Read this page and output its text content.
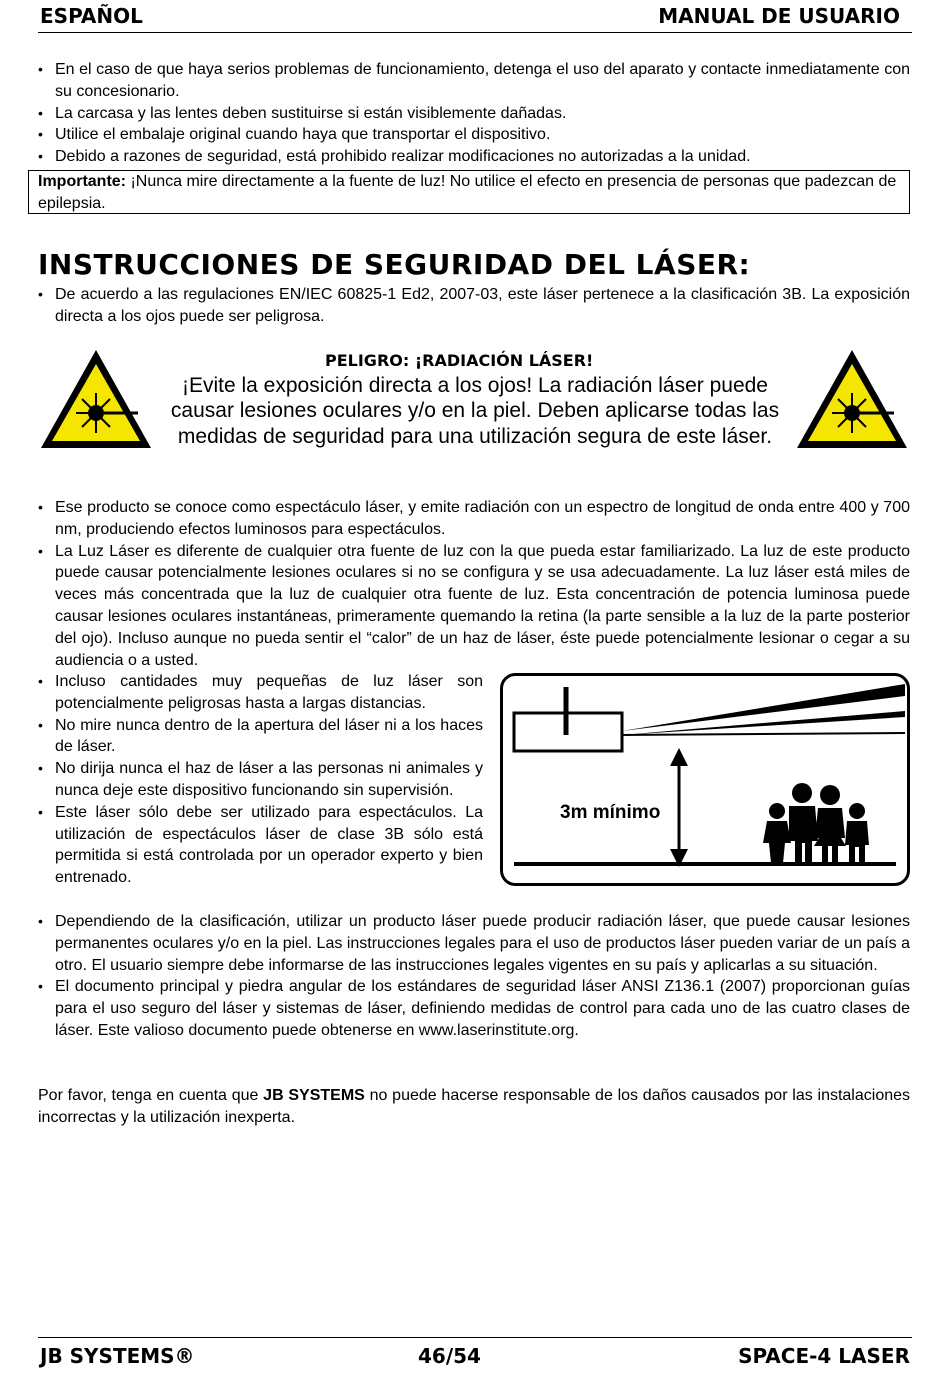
ESPAÑOL	MANUAL DE USUARIO
• En el caso de que haya serios problemas de funcionamiento, detenga el uso del aparato y contacte inmediatamente con su concesionario.
• La carcasa y las lentes deben sustituirse si están visiblemente dañadas.
• Utilice el embalaje original cuando haya que transportar el dispositivo.
• Debido a razones de seguridad, está prohibido realizar modificaciones no autorizadas a la unidad.
Importante: ¡Nunca mire directamente a la fuente de luz! No utilice el efecto en presencia de personas que padezcan de epilepsia.
INSTRUCCIONES DE SEGURIDAD DEL LÁSER:
• De acuerdo a las regulaciones EN/IEC 60825-1 Ed2, 2007-03, este láser pertenece a la clasificación 3B. La exposición directa a los ojos puede ser peligrosa.
PELIGRO: ¡RADIACIÓN LÁSER!
¡Evite la exposición directa a los ojos! La radiación láser puede causar lesiones oculares y/o en la piel. Deben aplicarse todas las medidas de seguridad para una utilización segura de este láser.
• Ese producto se conoce como espectáculo láser, y emite radiación con un espectro de longitud de onda entre 400 y 700 nm, produciendo efectos luminosos para espectáculos.
• La Luz Láser es diferente de cualquier otra fuente de luz con la que pueda estar familiarizado. La luz de este producto puede causar potencialmente lesiones oculares si no se configura y se usa adecuadamente. La luz láser está miles de veces más concentrada que la luz de cualquier otra fuente de luz. Esta concentración de potencia luminosa puede causar lesiones oculares instantáneas, primeramente quemando la retina (la parte sensible a la luz de la parte posterior del ojo). Incluso aunque no pueda sentir el “calor” de un haz de láser, éste puede potencialmente lesionar o cegar a su audiencia o a usted.
• Incluso cantidades muy pequeñas de luz láser son potencialmente peligrosas hasta a largas distancias.
• No mire nunca dentro de la apertura del láser ni a los haces de láser.
• No dirija nunca el haz de láser a las personas ni animales y nunca deje este dispositivo funcionando sin supervisión.
• Este láser sólo debe ser utilizado para espectáculos. La utilización de espectáculos láser de clase 3B sólo está permitida si está controlada por un operador experto y bien entrenado.
3m mínimo
• Dependiendo de la clasificación, utilizar un producto láser puede producir radiación láser, que puede causar lesiones permanentes oculares y/o en la piel. Las instrucciones legales para el uso de productos láser pueden variar de un país a otro. El usuario siempre debe informarse de las instrucciones legales vigentes en su país y aplicarlas a su situación.
• El documento principal y piedra angular de los estándares de seguridad láser ANSI Z136.1 (2007) proporcionan guías para el uso seguro del láser y sistemas de láser, definiendo medidas de control para cada uno de las cuatro clases de láser. Este valioso documento puede obtenerse en www.laserinstitute.org.

Por favor, tenga en cuenta que JB SYSTEMS no puede hacerse responsable de los daños causados por las instalaciones incorrectas y la utilización inexperta.

JB SYSTEMS®	46/54	SPACE-4 LASER
